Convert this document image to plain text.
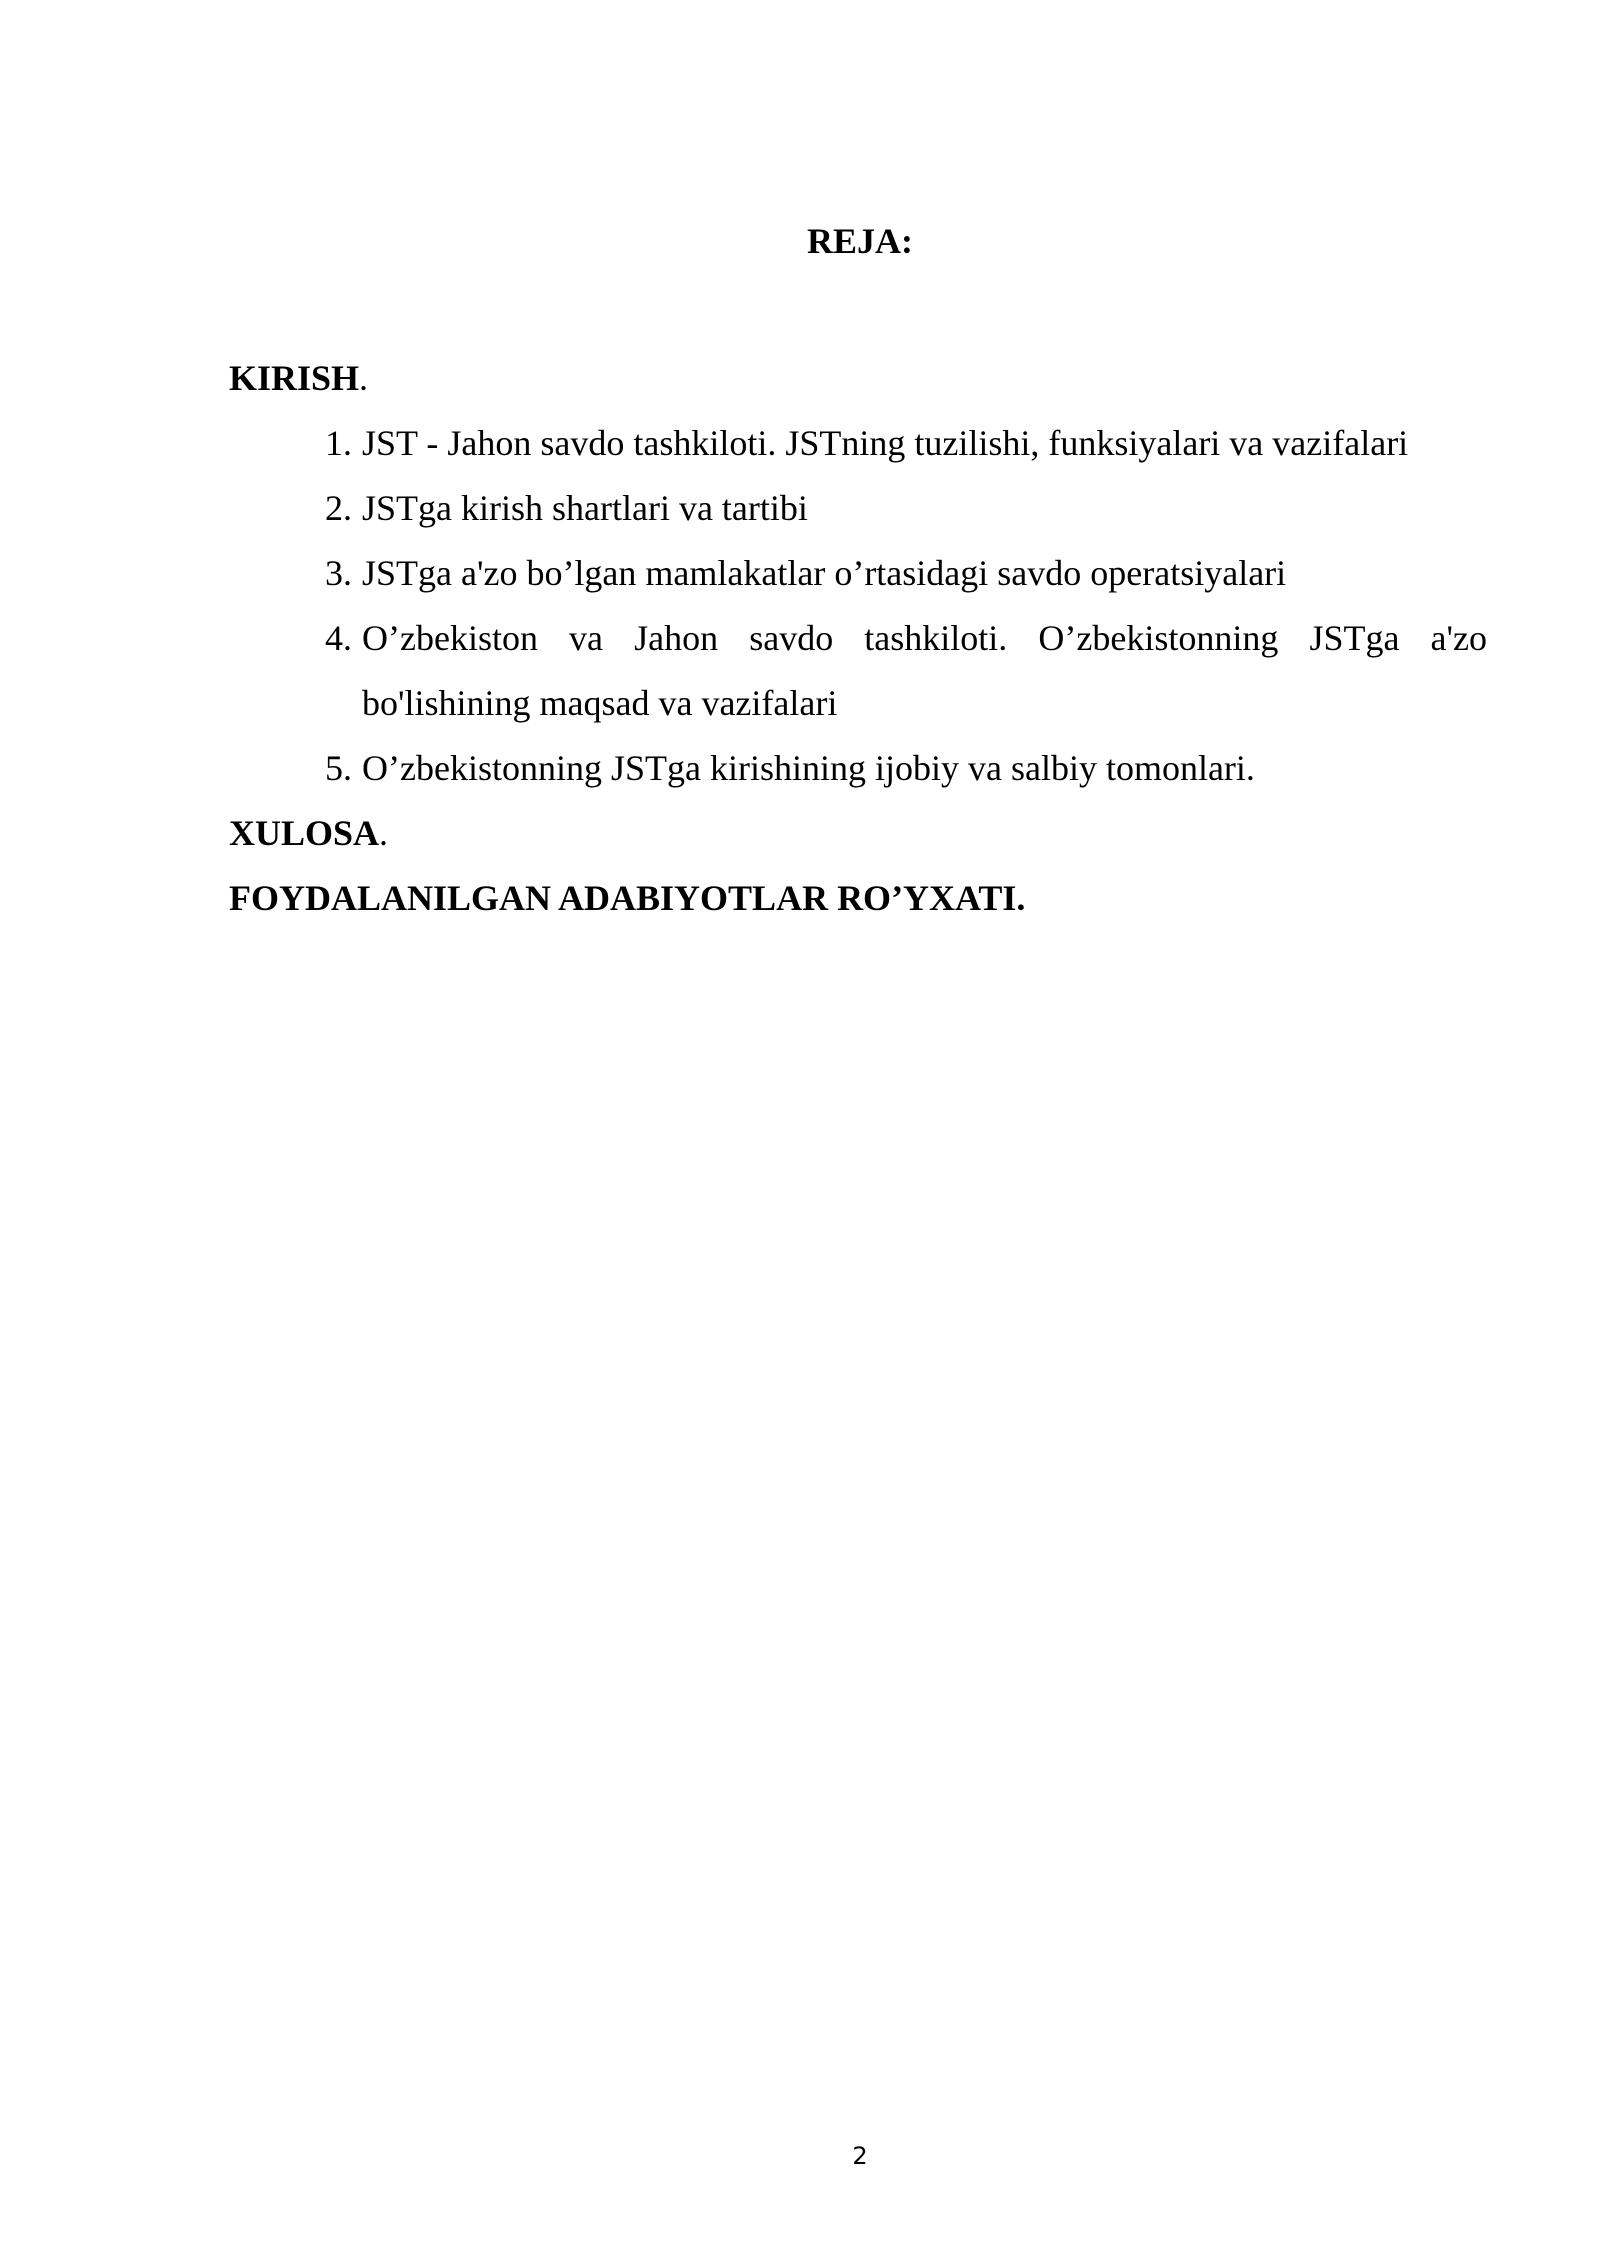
REJA:
KIRISH.
1. JST - Jahon savdo tashkiloti. JSTning tuzilishi, funksiyalari va vazifalari
2. JSTga kirish shartlari va tartibi
3. JSTga a'zo bo’lgan mamlakatlar o’rtasidagi savdo operatsiyalari
4. O’zbekiston va Jahon savdo tashkiloti. O’zbekistonning JSTga a'zo
bo'lishining maqsad va vazifalari
5. O’zbekistonning JSTga kirishining ijobiy va salbiy tomonlari.
XULOSA.
FOYDALANILGAN ADABIYOTLAR RO’YXATI.
2
